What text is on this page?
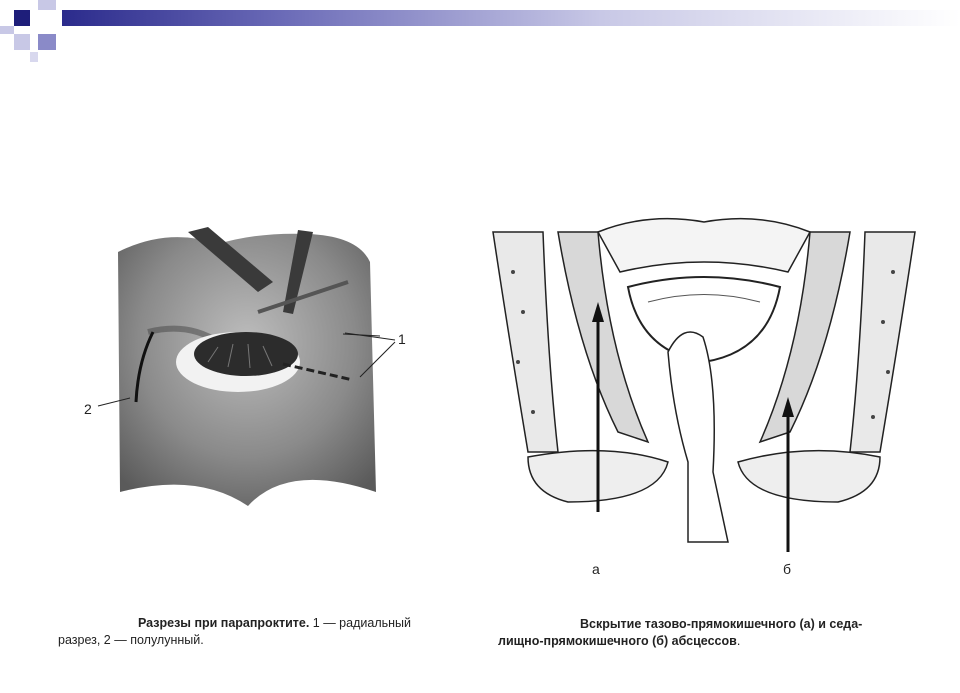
1
2
а	б
Разрезы при парапроктите. 1 — радиальный
разрез, 2 — полулунный.
Вскрытие тазово-прямокишечного (а) и седа-
лищно-прямокишечного (б) абсцессов.
